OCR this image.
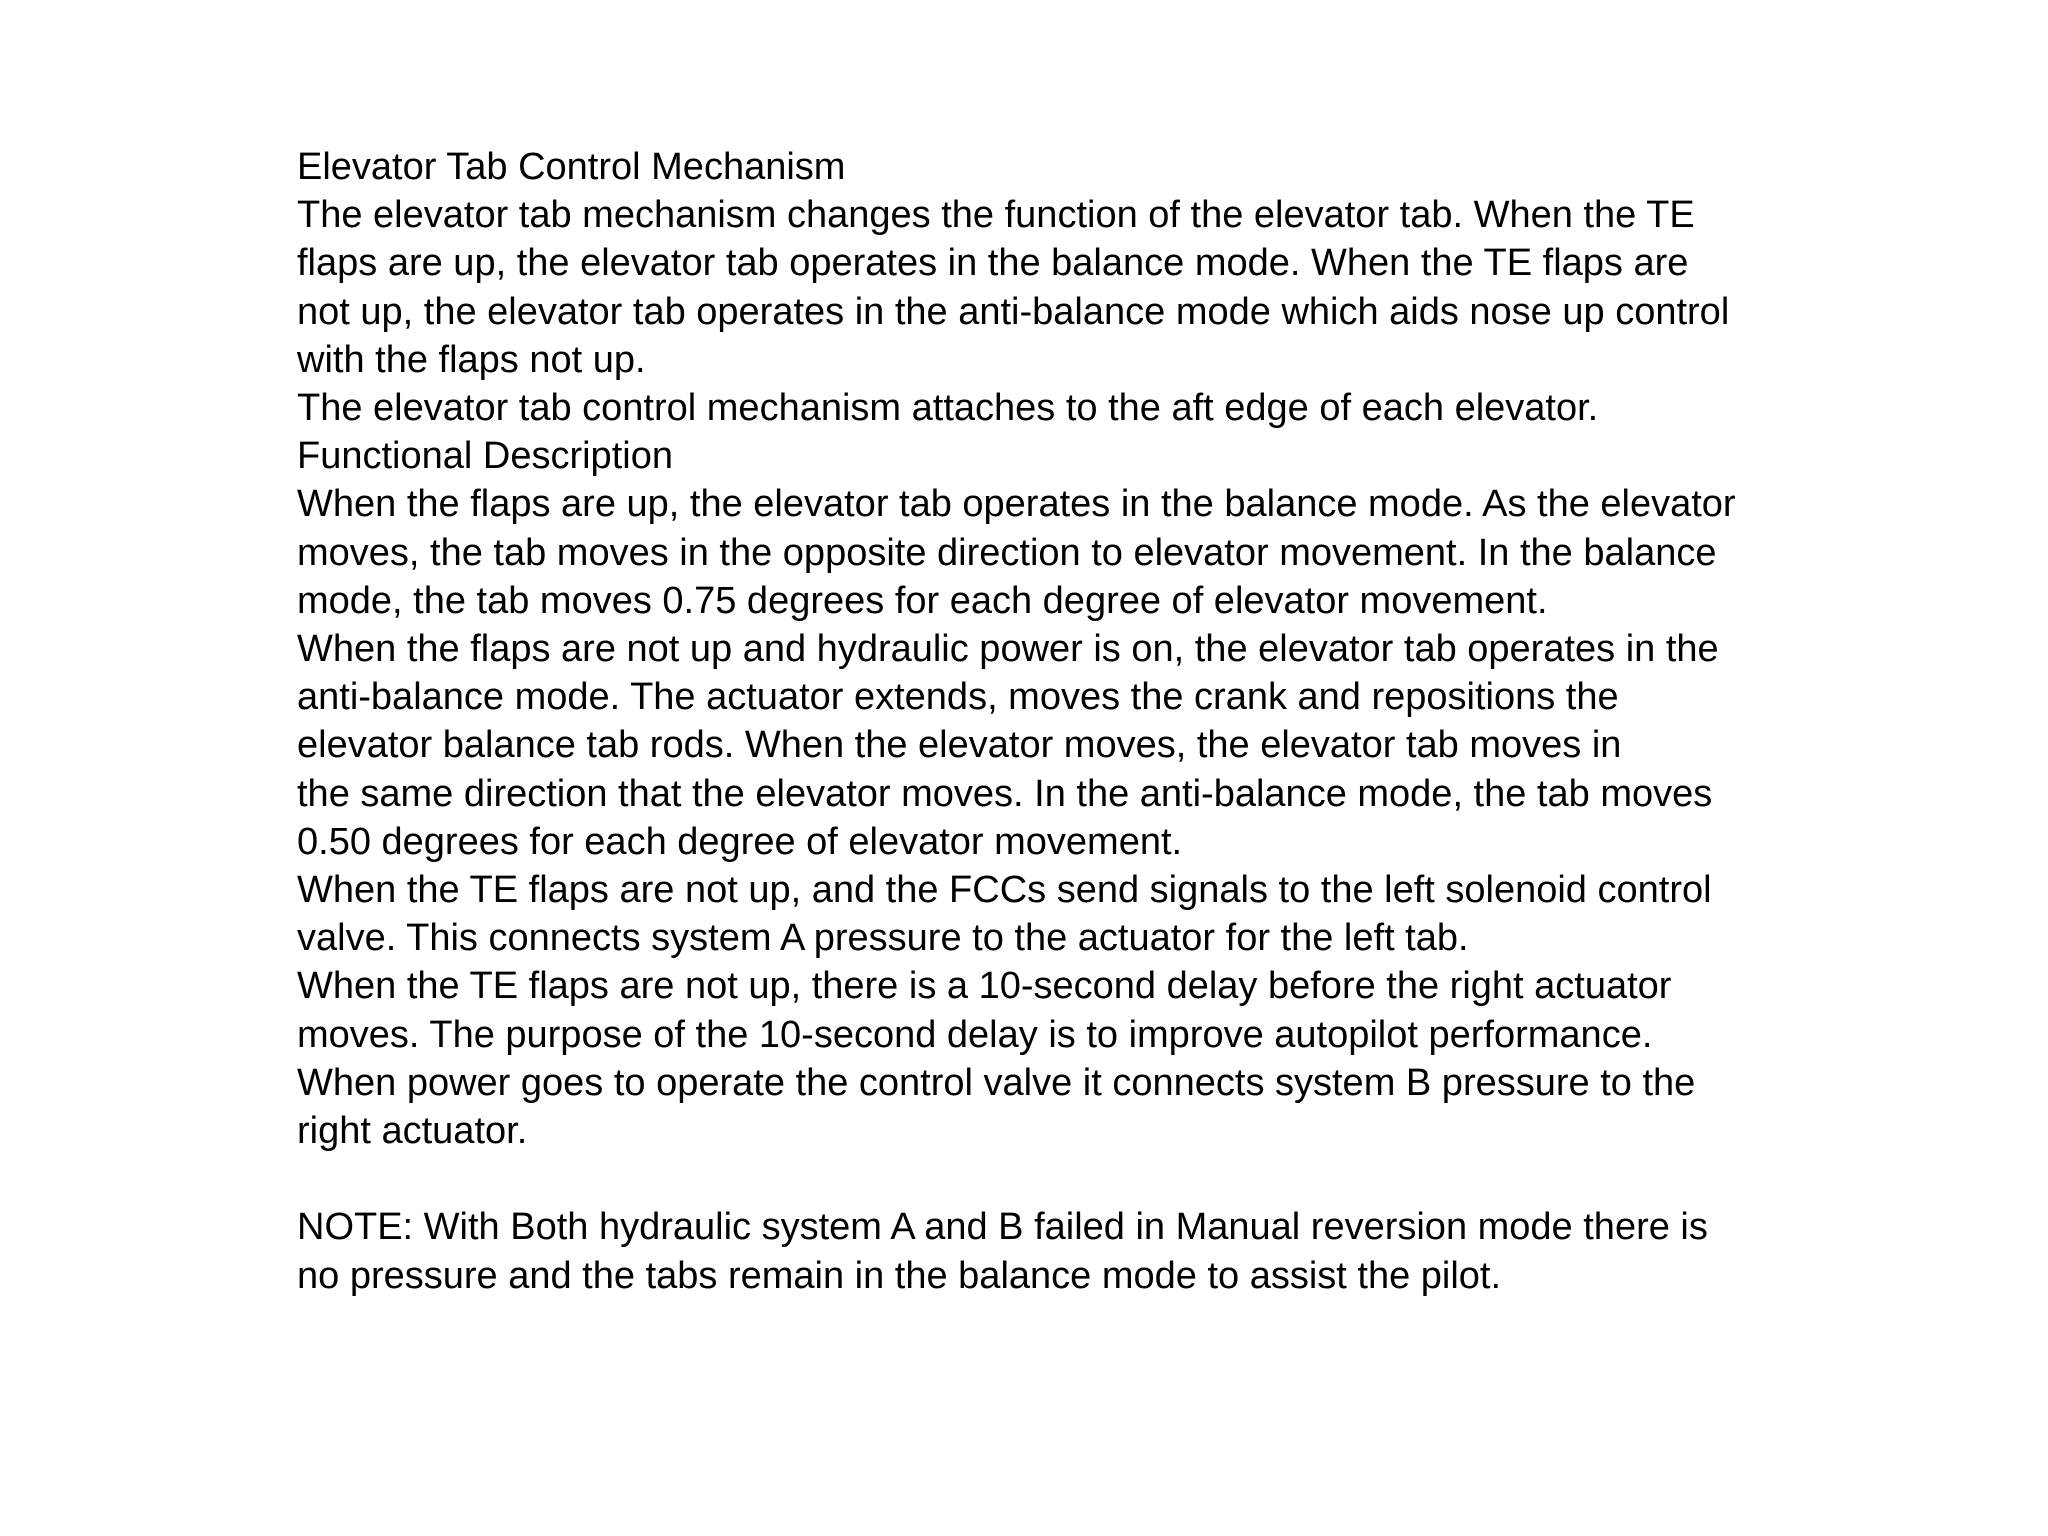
Elevator Tab Control Mechanism

The elevator tab mechanism changes the function of the elevator tab. When the TE

flaps are up, the elevator tab operates in the balance mode. When the TE flaps are

not up, the elevator tab operates in the anti-balance mode which aids nose up control

with the flaps not up.

The elevator tab control mechanism attaches to the aft edge of each elevator.

Functional Description

When the flaps are up, the elevator tab operates in the balance mode. As the elevator

moves, the tab moves in the opposite direction to elevator movement. In the balance

mode, the tab moves 0.75 degrees for each degree of elevator movement.

When the flaps are not up and hydraulic power is on, the elevator tab operates in the

anti-balance mode. The actuator extends, moves the crank and repositions the

elevator balance tab rods. When the elevator moves, the elevator tab moves in

the same direction that the elevator moves. In the anti-balance mode, the tab moves

0.50 degrees for each degree of elevator movement.

When the TE flaps are not up, and the FCCs send signals to the left solenoid control

valve. This connects system A pressure to the actuator for the left tab.

When the TE flaps are not up, there is a 10-second delay before the right actuator

moves. The purpose of the 10-second delay is to improve autopilot performance.

When power goes to operate the control valve it connects system B pressure to the

right actuator.

NOTE: With Both hydraulic system A and B failed in Manual reversion mode there is

no pressure and the tabs remain in the balance mode to assist the pilot.
